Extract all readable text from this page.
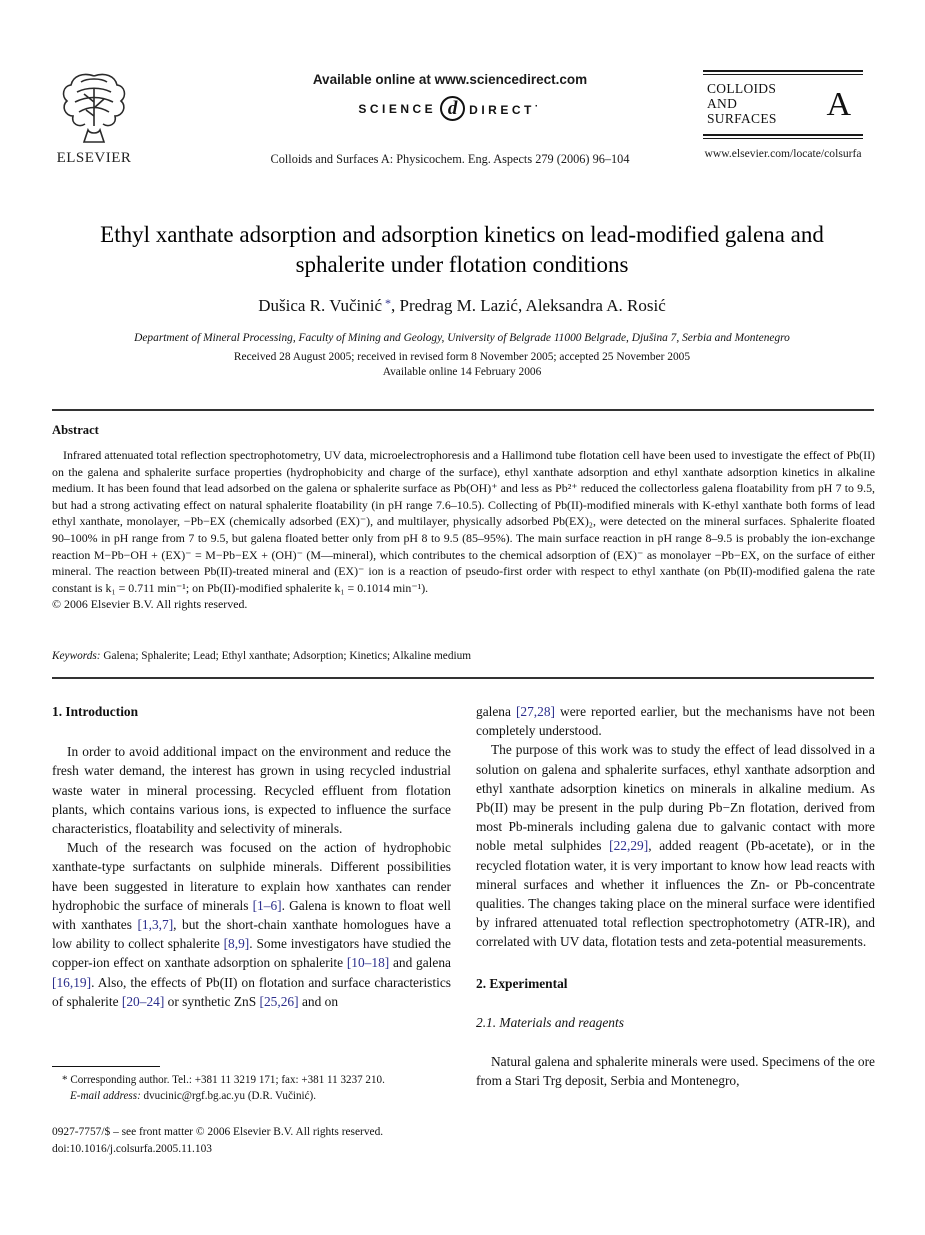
ELSEVIER
Available online at www.sciencedirect.com
SCIENCE d DIRECT·
Colloids and Surfaces A: Physicochem. Eng. Aspects 279 (2006) 96–104
COLLOIDS
AND
SURFACES A
www.elsevier.com/locate/colsurfa
Ethyl xanthate adsorption and adsorption kinetics on lead-modified galena and sphalerite under flotation conditions
Dušica R. Vučinić *, Predrag M. Lazić, Aleksandra A. Rosić
Department of Mineral Processing, Faculty of Mining and Geology, University of Belgrade 11000 Belgrade, Djušina 7, Serbia and Montenegro
Received 28 August 2005; received in revised form 8 November 2005; accepted 25 November 2005
Available online 14 February 2006
Abstract
Infrared attenuated total reflection spectrophotometry, UV data, microelectrophoresis and a Hallimond tube flotation cell have been used to investigate the effect of Pb(II) on the galena and sphalerite surface properties (hydrophobicity and charge of the surface), ethyl xanthate adsorption and ethyl xanthate adsorption kinetics in alkaline medium. It has been found that lead adsorbed on the galena or sphalerite surface as Pb(OH)⁺ and less as Pb²⁺ reduced the collectorless galena floatability from pH 7 to 9.5, but had a strong activating effect on natural sphalerite floatability (in pH range 7.6–10.5). Collecting of Pb(II)-modified minerals with K-ethyl xanthate both forms of lead ethyl xanthate, monolayer, −Pb−EX (chemically adsorbed (EX)⁻), and multilayer, physically adsorbed Pb(EX)₂, were detected on the mineral surfaces. Sphalerite floated 90–100% in pH range from 7 to 9.5, but galena floated better only from pH 8 to 9.5 (85–95%). The main surface reaction in pH range 8–9.5 is probably the ion-exchange reaction M−Pb−OH + (EX)⁻ = M−Pb−EX + (OH)⁻ (M—mineral), which contributes to the chemical adsorption of (EX)⁻ as monolayer −Pb−EX, on the surface of either mineral. The reaction between Pb(II)-treated mineral and (EX)⁻ ion is a reaction of pseudo-first order with respect to ethyl xanthate (on Pb(II)-modified galena the rate constant is k₁ = 0.711 min⁻¹; on Pb(II)-modified sphalerite k₁ = 0.1014 min⁻¹).
© 2006 Elsevier B.V. All rights reserved.
Keywords: Galena; Sphalerite; Lead; Ethyl xanthate; Adsorption; Kinetics; Alkaline medium
1. Introduction

In order to avoid additional impact on the environment and reduce the fresh water demand, the interest has grown in using recycled industrial waste water in mineral processing. Recycled effluent from flotation plants, which contains various ions, is expected to influence the surface characteristics, floatability and selectivity of minerals.

Much of the research was focused on the action of hydrophobic xanthate-type surfactants on sulphide minerals. Different possibilities have been suggested in literature to explain how xanthates can render hydrophobic the surface of minerals [1–6]. Galena is known to float well with xanthates [1,3,7], but the short-chain xanthate homologues have a low ability to collect sphalerite [8,9]. Some investigators have studied the copper-ion effect on xanthate adsorption on sphalerite [10–18] and galena [16,19]. Also, the effects of Pb(II) on flotation and surface characteristics of sphalerite [20–24] or synthetic ZnS [25,26] and on

galena [27,28] were reported earlier, but the mechanisms have not been completely understood.

The purpose of this work was to study the effect of lead dissolved in a solution on galena and sphalerite surfaces, ethyl xanthate adsorption and ethyl xanthate adsorption kinetics on minerals in alkaline medium. As Pb(II) may be present in the pulp during Pb−Zn flotation, derived from most Pb-minerals including galena due to galvanic contact with more noble metal sulphides [22,29], added reagent (Pb-acetate), or in the recycled flotation water, it is very important to know how lead reacts with mineral surfaces and whether it influences the Zn- or Pb-concentrate qualities. The changes taking place on the mineral surface were identified by infrared attenuated total reflection spectrophotometry (ATR-IR), and correlated with UV data, flotation tests and zeta-potential measurements.

2. Experimental
2.1. Materials and reagents

Natural galena and sphalerite minerals were used. Specimens of the ore from a Stari Trg deposit, Serbia and Montenegro,

* Corresponding author. Tel.: +381 11 3219 171; fax: +381 11 3237 210.
E-mail address: dvucinic@rgf.bg.ac.yu (D.R. Vučinić).
0927-7757/$ – see front matter © 2006 Elsevier B.V. All rights reserved.
doi:10.1016/j.colsurfa.2005.11.103
